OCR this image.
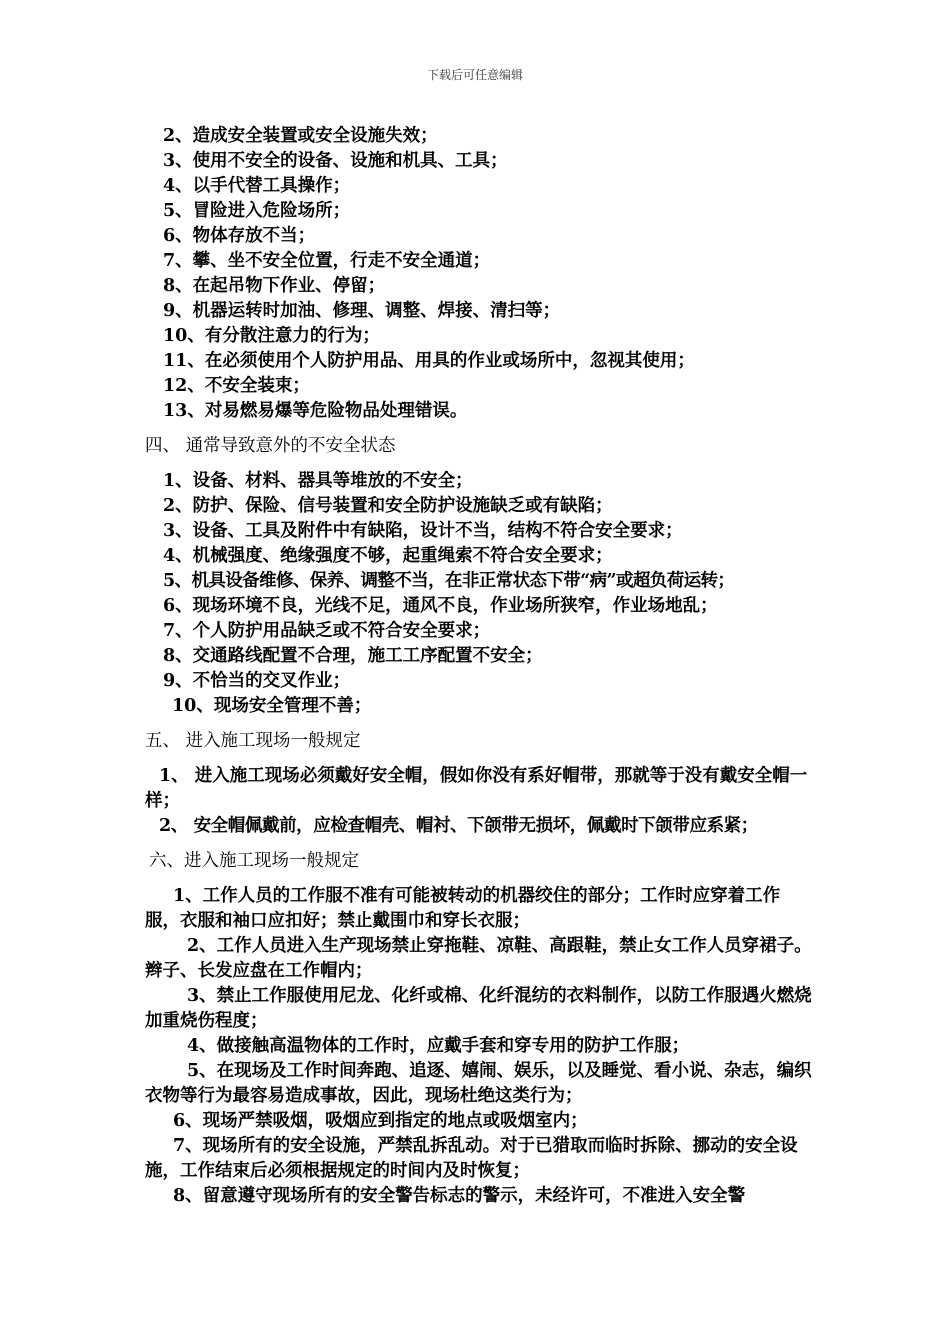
下载后可任意编辑
2、造成安全装置或安全设施失效；
3、使用不安全的设备、设施和机具、工具；
4、以手代替工具操作；
5、冒险进入危险场所；
6、物体存放不当；
7、攀、坐不安全位置，行走不安全通道；
8、在起吊物下作业、停留；
9、机器运转时加油、修理、调整、焊接、清扫等；
10、有分散注意力的行为；
11、在必须使用个人防护用品、用具的作业或场所中，忽视其使用；
12、不安全装束；
13、对易燃易爆等危险物品处理错误。
四、 通常导致意外的不安全状态
1、设备、材料、器具等堆放的不安全；
2、防护、保险、信号装置和安全防护设施缺乏或有缺陷；
3、设备、工具及附件中有缺陷，设计不当，结构不符合安全要求；
4、机械强度、绝缘强度不够，起重绳索不符合安全要求；
5、机具设备维修、保养、调整不当，在非正常状态下带“病”或超负荷运转；
6、现场环境不良，光线不足，通风不良，作业场所狭窄，作业场地乱；
7、个人防护用品缺乏或不符合安全要求；
8、交通路线配置不合理，施工工序配置不安全；
9、不恰当的交叉作业；
10、现场安全管理不善；
五、 进入施工现场一般规定
1、 进入施工现场必须戴好安全帽，假如你没有系好帽带，那就等于没有戴安全帽一样；
2、 安全帽佩戴前，应检查帽壳、帽衬、下颌带无损坏，佩戴时下颌带应系紧；
六、进入施工现场一般规定
1、工作人员的工作服不准有可能被转动的机器绞住的部分；工作时应穿着工作服，衣服和袖口应扣好；禁止戴围巾和穿长衣服；
2、工作人员进入生产现场禁止穿拖鞋、凉鞋、高跟鞋，禁止女工作人员穿裙子。辫子、长发应盘在工作帽内；
3、禁止工作服使用尼龙、化纤或棉、化纤混纺的衣料制作，以防工作服遇火燃烧加重烧伤程度；
4、做接触高温物体的工作时，应戴手套和穿专用的防护工作服；
5、在现场及工作时间奔跑、追逐、嬉闹、娱乐，以及睡觉、看小说、杂志，编织衣物等行为最容易造成事故，因此，现场杜绝这类行为；
6、现场严禁吸烟，吸烟应到指定的地点或吸烟室内；
7、现场所有的安全设施，严禁乱拆乱动。对于已猎取而临时拆除、挪动的安全设施，工作结束后必须根据规定的时间内及时恢复；
8、留意遵守现场所有的安全警告标志的警示，未经许可，不准进入安全警
